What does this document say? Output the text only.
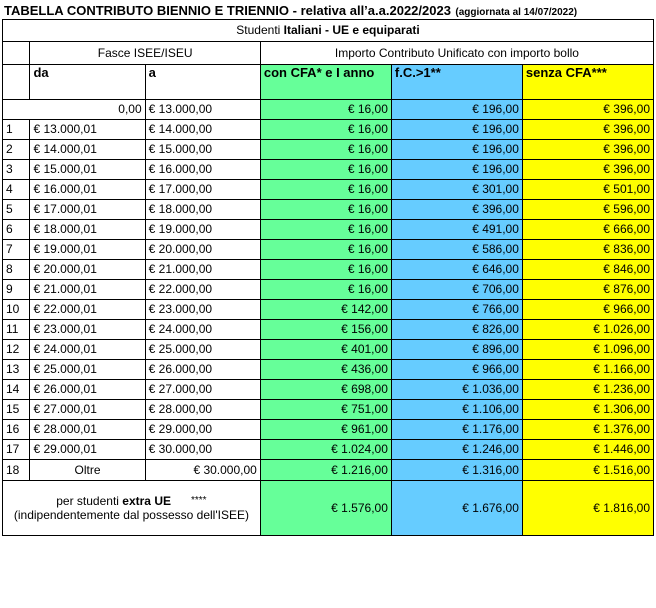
TABELLA CONTRIBUTO BIENNIO E TRIENNIO - relativa all’a.a.2022/2023 (aggiornata al 14/07/2022)
Studenti Italiani - UE e equiparati					
	Fasce ISEE/ISEU		Importo Contributo Unificato con importo bollo		
	da	a	con CFA* e I anno	f.C.>1**	senza CFA***
0,00		€ 13.000,00	€ 16,00	€ 196,00	€ 396,00
1	€ 13.000,01	€ 14.000,00	€ 16,00	€ 196,00	€ 396,00
2	€ 14.000,01	€ 15.000,00	€ 16,00	€ 196,00	€ 396,00
3	€ 15.000,01	€ 16.000,00	€ 16,00	€ 196,00	€ 396,00
4	€ 16.000,01	€ 17.000,00	€ 16,00	€ 301,00	€ 501,00
5	€ 17.000,01	€ 18.000,00	€ 16,00	€ 396,00	€ 596,00
6	€ 18.000,01	€ 19.000,00	€ 16,00	€ 491,00	€ 666,00
7	€ 19.000,01	€ 20.000,00	€ 16,00	€ 586,00	€ 836,00
8	€ 20.000,01	€ 21.000,00	€ 16,00	€ 646,00	€ 846,00
9	€ 21.000,01	€ 22.000,00	€ 16,00	€ 706,00	€ 876,00
10	€ 22.000,01	€ 23.000,00	€ 142,00	€ 766,00	€ 966,00
11	€ 23.000,01	€ 24.000,00	€ 156,00	€ 826,00	€ 1.026,00
12	€ 24.000,01	€ 25.000,00	€ 401,00	€ 896,00	€ 1.096,00
13	€ 25.000,01	€ 26.000,00	€ 436,00	€ 966,00	€ 1.166,00
14	€ 26.000,01	€ 27.000,00	€ 698,00	€ 1.036,00	€ 1.236,00
15	€ 27.000,01	€ 28.000,00	€ 751,00	€ 1.106,00	€ 1.306,00
16	€ 28.000,01	€ 29.000,00	€ 961,00	€ 1.176,00	€ 1.376,00
17	€ 29.000,01	€ 30.000,00	€ 1.024,00	€ 1.246,00	€ 1.446,00
18	Oltre	€ 30.000,00	€ 1.216,00	€ 1.316,00	€ 1.516,00
per studenti extra UE ****
(indipendentemente dal possesso dell'ISEE)			€ 1.576,00	€ 1.676,00	€ 1.816,00
